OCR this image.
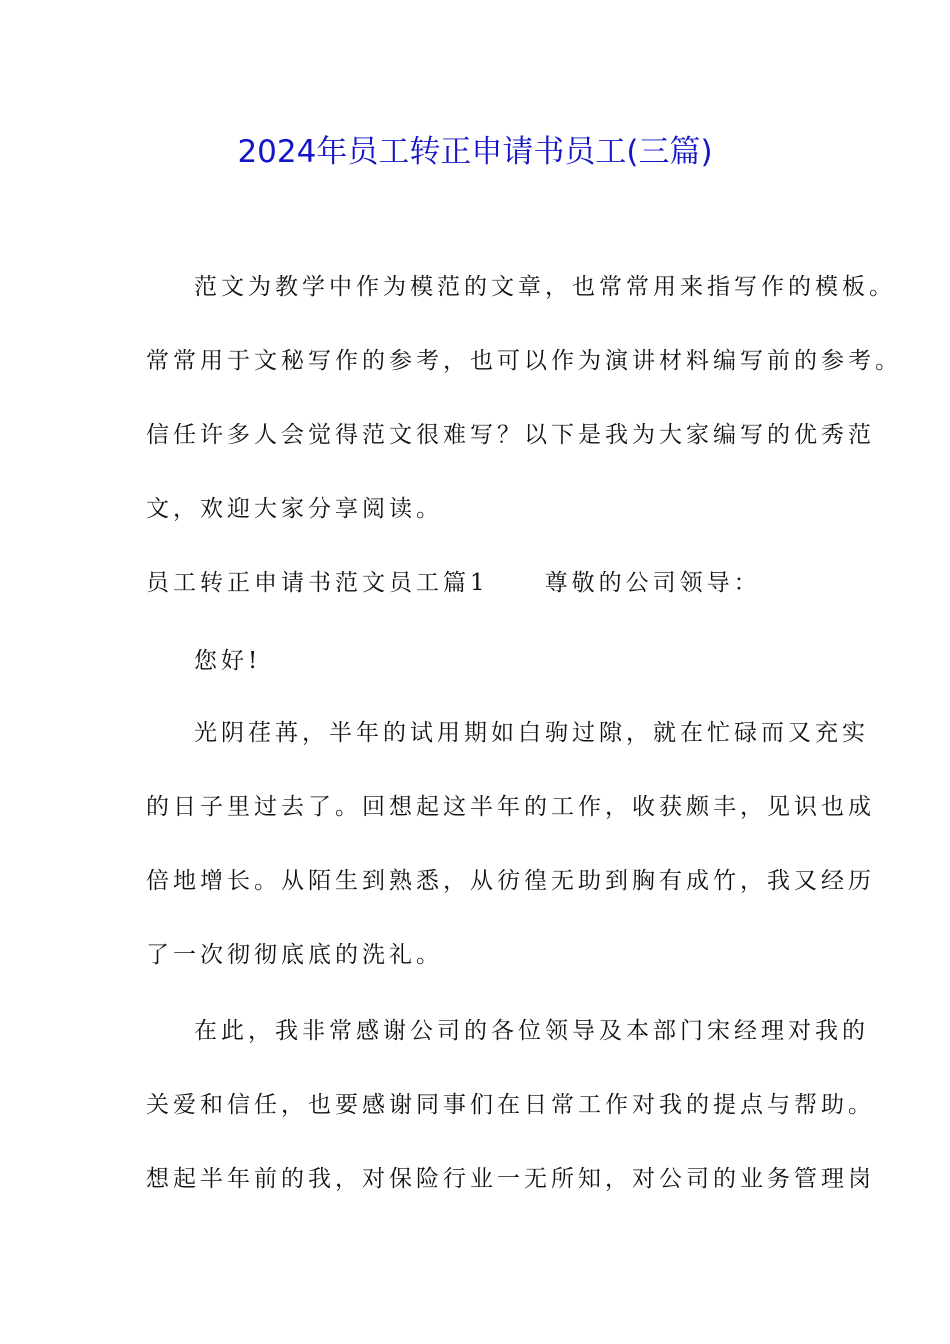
2024年员工转正申请书员工(三篇)
范文为教学中作为模范的文章，也常常用来指写作的模板。
常常用于文秘写作的参考，也可以作为演讲材料编写前的参考。
信任许多人会觉得范文很难写？以下是我为大家编写的优秀范
文，欢迎大家分享阅读。
员工转正申请书范文员工篇1 尊敬的公司领导：
您好!
光阴荏苒，半年的试用期如白驹过隙，就在忙碌而又充实
的日子里过去了。回想起这半年的工作，收获颇丰，见识也成
倍地增长。从陌生到熟悉，从彷徨无助到胸有成竹，我又经历
了一次彻彻底底的洗礼。
在此，我非常感谢公司的各位领导及本部门宋经理对我的
关爱和信任，也要感谢同事们在日常工作对我的提点与帮助。
想起半年前的我，对保险行业一无所知，对公司的业务管理岗
